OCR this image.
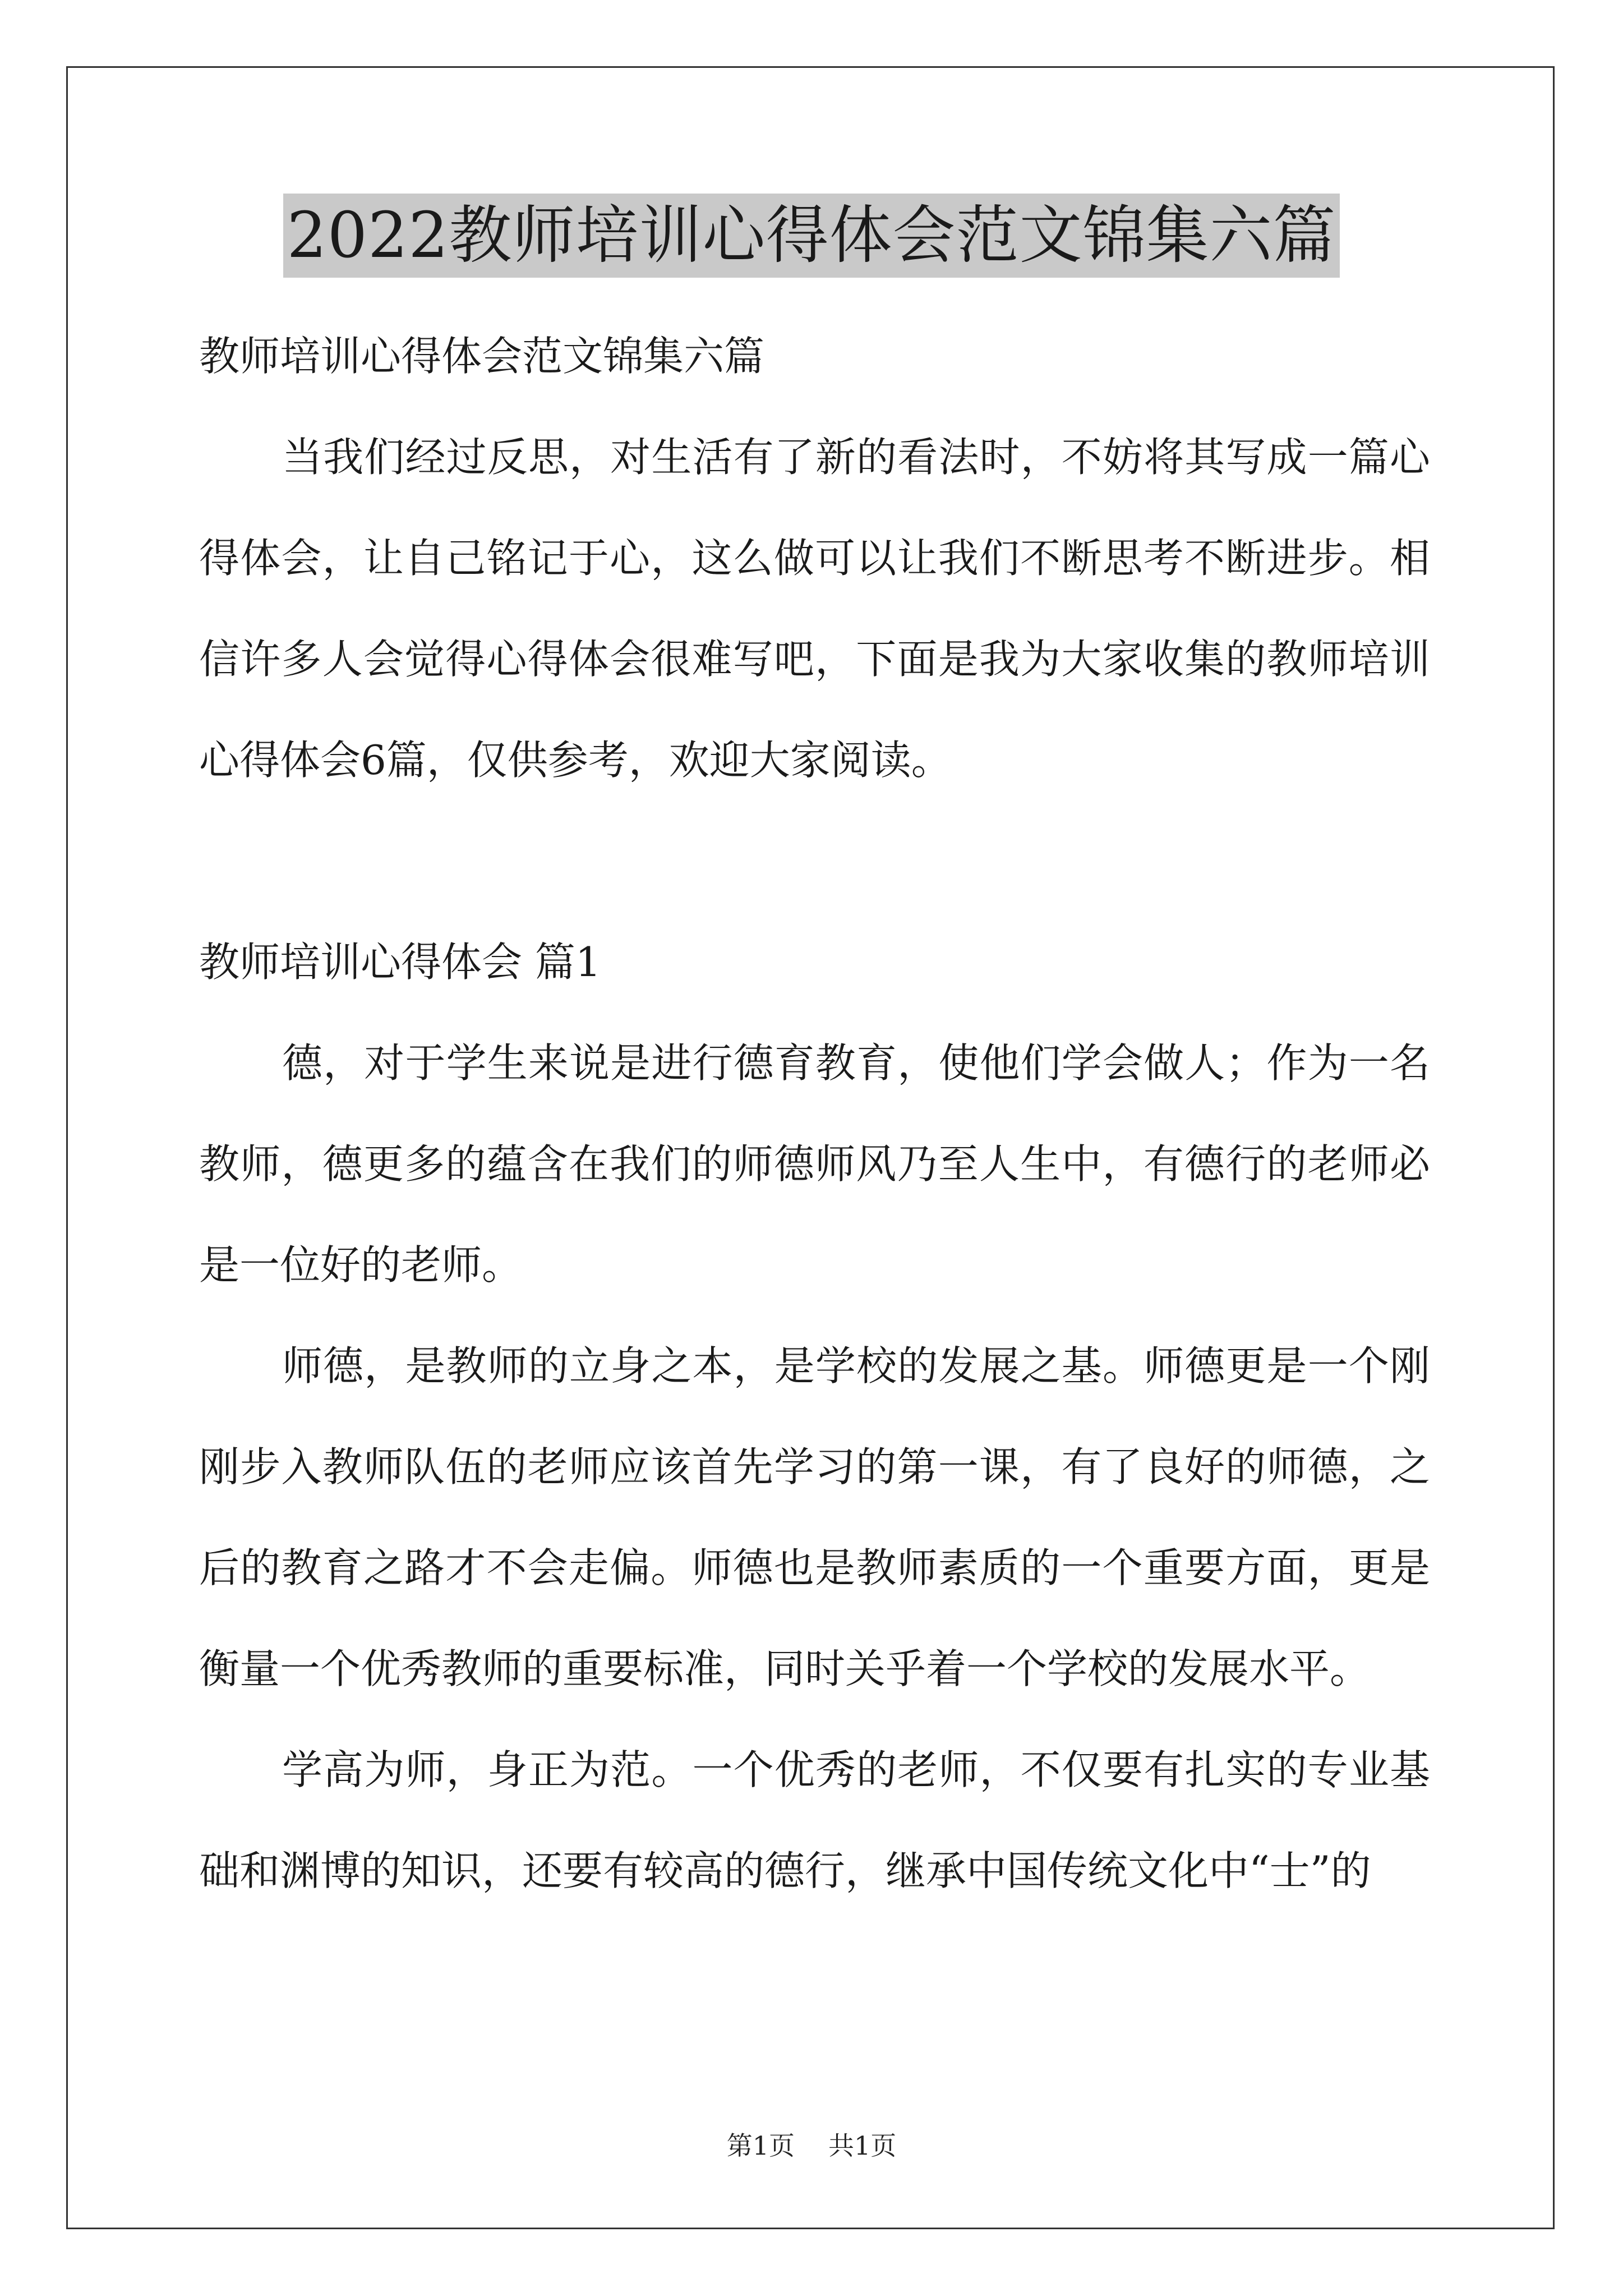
2022教师培训心得体会范文锦集六篇

教师培训心得体会范文锦集六篇

当我们经过反思，对生活有了新的看法时，不妨将其写成一篇心得体会，让自己铭记于心，这么做可以让我们不断思考不断进步。相信许多人会觉得心得体会很难写吧，下面是我为大家收集的教师培训心得体会6篇，仅供参考，欢迎大家阅读。

教师培训心得体会 篇1

德，对于学生来说是进行德育教育，使他们学会做人；作为一名教师，德更多的蕴含在我们的师德师风乃至人生中，有德行的老师必是一位好的老师。

师德，是教师的立身之本，是学校的发展之基。师德更是一个刚刚步入教师队伍的老师应该首先学习的第一课，有了良好的师德，之后的教育之路才不会走偏。师德也是教师素质的一个重要方面，更是衡量一个优秀教师的重要标准，同时关乎着一个学校的发展水平。

学高为师，身正为范。一个优秀的老师，不仅要有扎实的专业基础和渊博的知识，还要有较高的德行，继承中国传统文化中“士”的

第1页 共1页
